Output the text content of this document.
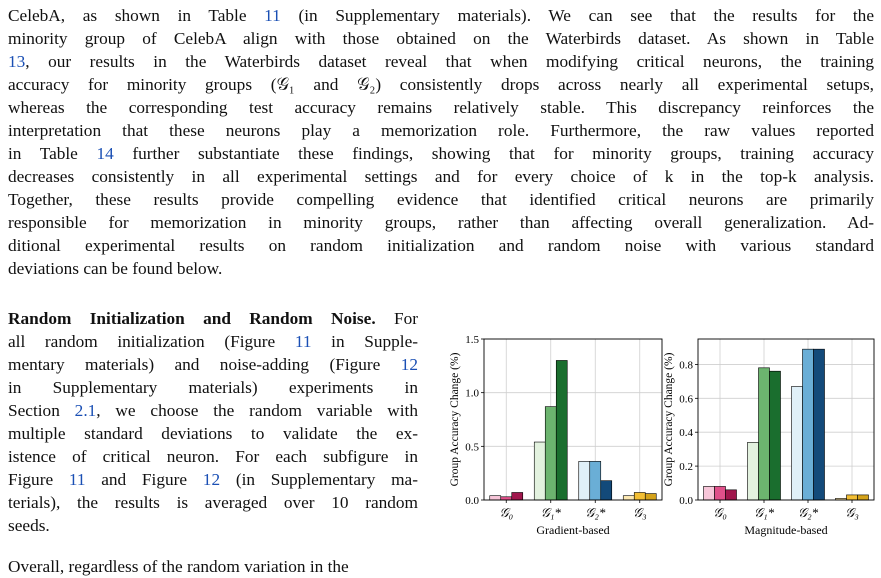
CelebA, as shown in Table 11 (in Supplementary materials). We can see that the results for the
minority group of CelebA align with those obtained on the Waterbirds dataset. As shown in Table
13, our results in the Waterbirds dataset reveal that when modifying critical neurons, the training
accuracy for minority groups (𝒢₁ and 𝒢₂) consistently drops across nearly all experimental setups,
whereas the corresponding test accuracy remains relatively stable. This discrepancy reinforces the
interpretation that these neurons play a memorization role. Furthermore, the raw values reported
in Table 14 further substantiate these findings, showing that for minority groups, training accuracy
decreases consistently in all experimental settings and for every choice of k in the top-k analysis.
Together, these results provide compelling evidence that identified critical neurons are primarily
responsible for memorization in minority groups, rather than affecting overall generalization. Ad-
ditional experimental results on random initialization and random noise with various standard
deviations can be found below.
Random Initialization and Random Noise. For
all random initialization (Figure 11 in Supple-
mentary materials) and noise-adding (Figure 12
in Supplementary materials) experiments in
Section 2.1, we choose the random variable with
multiple standard deviations to validate the ex-
istence of critical neuron. For each subfigure in
Figure 11 and Figure 12 (in Supplementary ma-
terials), the results is averaged over 10 random
seeds.
Overall, regardless of the random variation in the
0.0
0.5
1.0
1.5
𝒢₀ 𝒢₁* 𝒢₂* 𝒢₃
Gradient-based
Group Accuracy Change (%)
0.0
0.2
0.4
0.6
0.8
𝒢₀ 𝒢₁* 𝒢₂* 𝒢₃
Magnitude-based
Group Accuracy Change (%)
